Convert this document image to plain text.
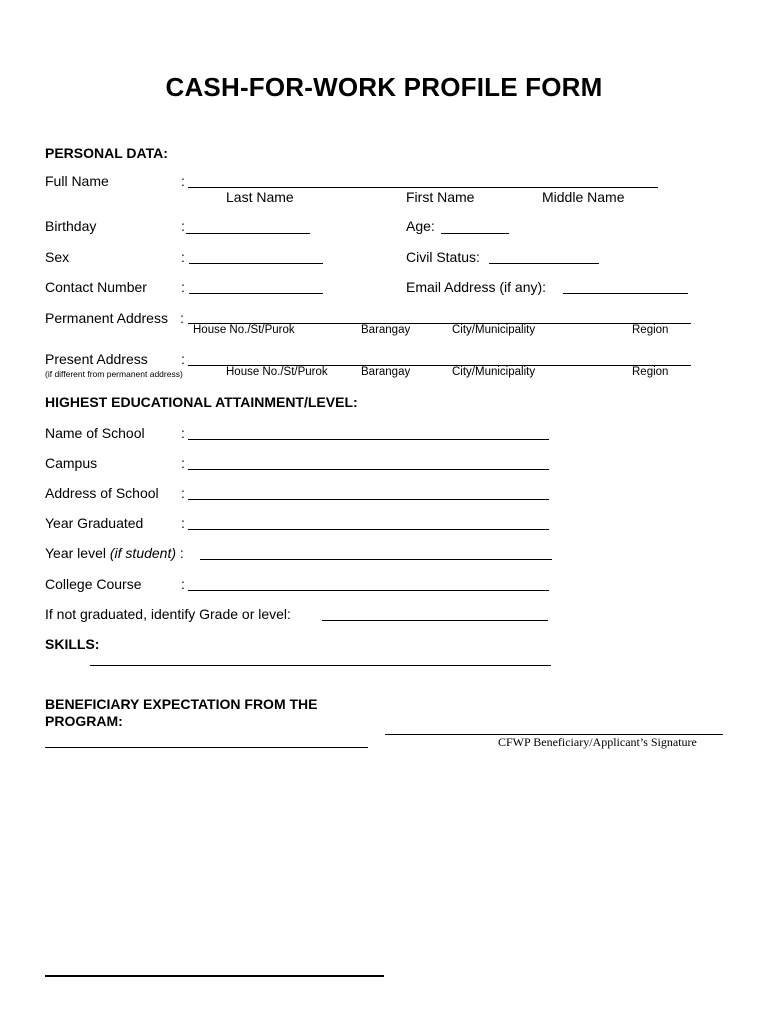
CASH-FOR-WORK PROFILE FORM
PERSONAL DATA:
Full Name	:
Last Name	First Name	Middle Name
Birthday	:	Age:
Sex	:	Civil Status:
Contact Number :	Email Address (if any):
Permanent Address :
House No./St/Purok	Barangay	City/Municipality	Region
Present Address :
(if different from permanent address)	House No./St/Purok	Barangay	City/Municipality	Region
HIGHEST EDUCATIONAL ATTAINMENT/LEVEL:
Name of School	:
Campus	:
Address of School :
Year Graduated	:
Year level (if student) :
College Course	:
If not graduated, identify Grade or level:
SKILLS:
BENEFICIARY EXPECTATION FROM THE
PROGRAM:
CFWP Beneficiary/Applicant’s Signature
